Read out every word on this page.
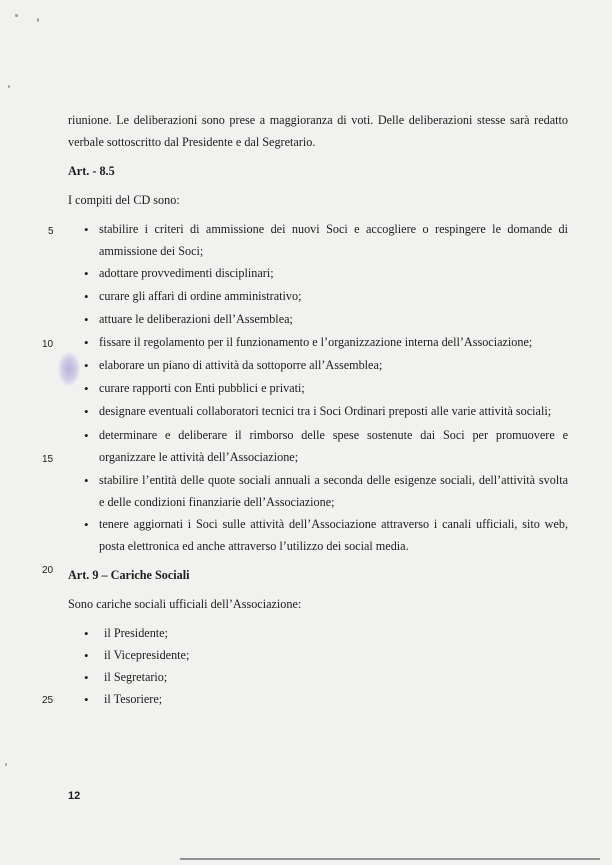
riunione. Le deliberazioni sono prese a maggioranza di voti. Delle deliberazioni stesse sarà redatto
verbale sottoscritto dal Presidente e dal Segretario.
Art. - 8.5
I compiti del CD sono:
• stabilire i criteri di ammissione dei nuovi Soci e accogliere o respingere le domande di
ammissione dei Soci;
• adottare provvedimenti disciplinari;
• curare gli affari di ordine amministrativo;
• attuare le deliberazioni dell’Assemblea;
• fissare il regolamento per il funzionamento e l’organizzazione interna dell’Associazione;
• elaborare un piano di attività da sottoporre all’Assemblea;
• curare rapporti con Enti pubblici e privati;
• designare eventuali collaboratori tecnici tra i Soci Ordinari preposti alle varie attività sociali;
• determinare e deliberare il rimborso delle spese sostenute dai Soci per promuovere e
organizzare le attività dell’Associazione;
• stabilire l’entità delle quote sociali annuali a seconda delle esigenze sociali, dell’attività svolta
e delle condizioni finanziarie dell’Associazione;
• tenere aggiornati i Soci sulle attività dell’Associazione attraverso i canali ufficiali, sito web,
posta elettronica ed anche attraverso l’utilizzo dei social media.
Art. 9 – Cariche Sociali
Sono cariche sociali ufficiali dell’Associazione:
• il Presidente;
• il Vicepresidente;
• il Segretario;
• il Tesoriere;
5
10
15
20
25
12
